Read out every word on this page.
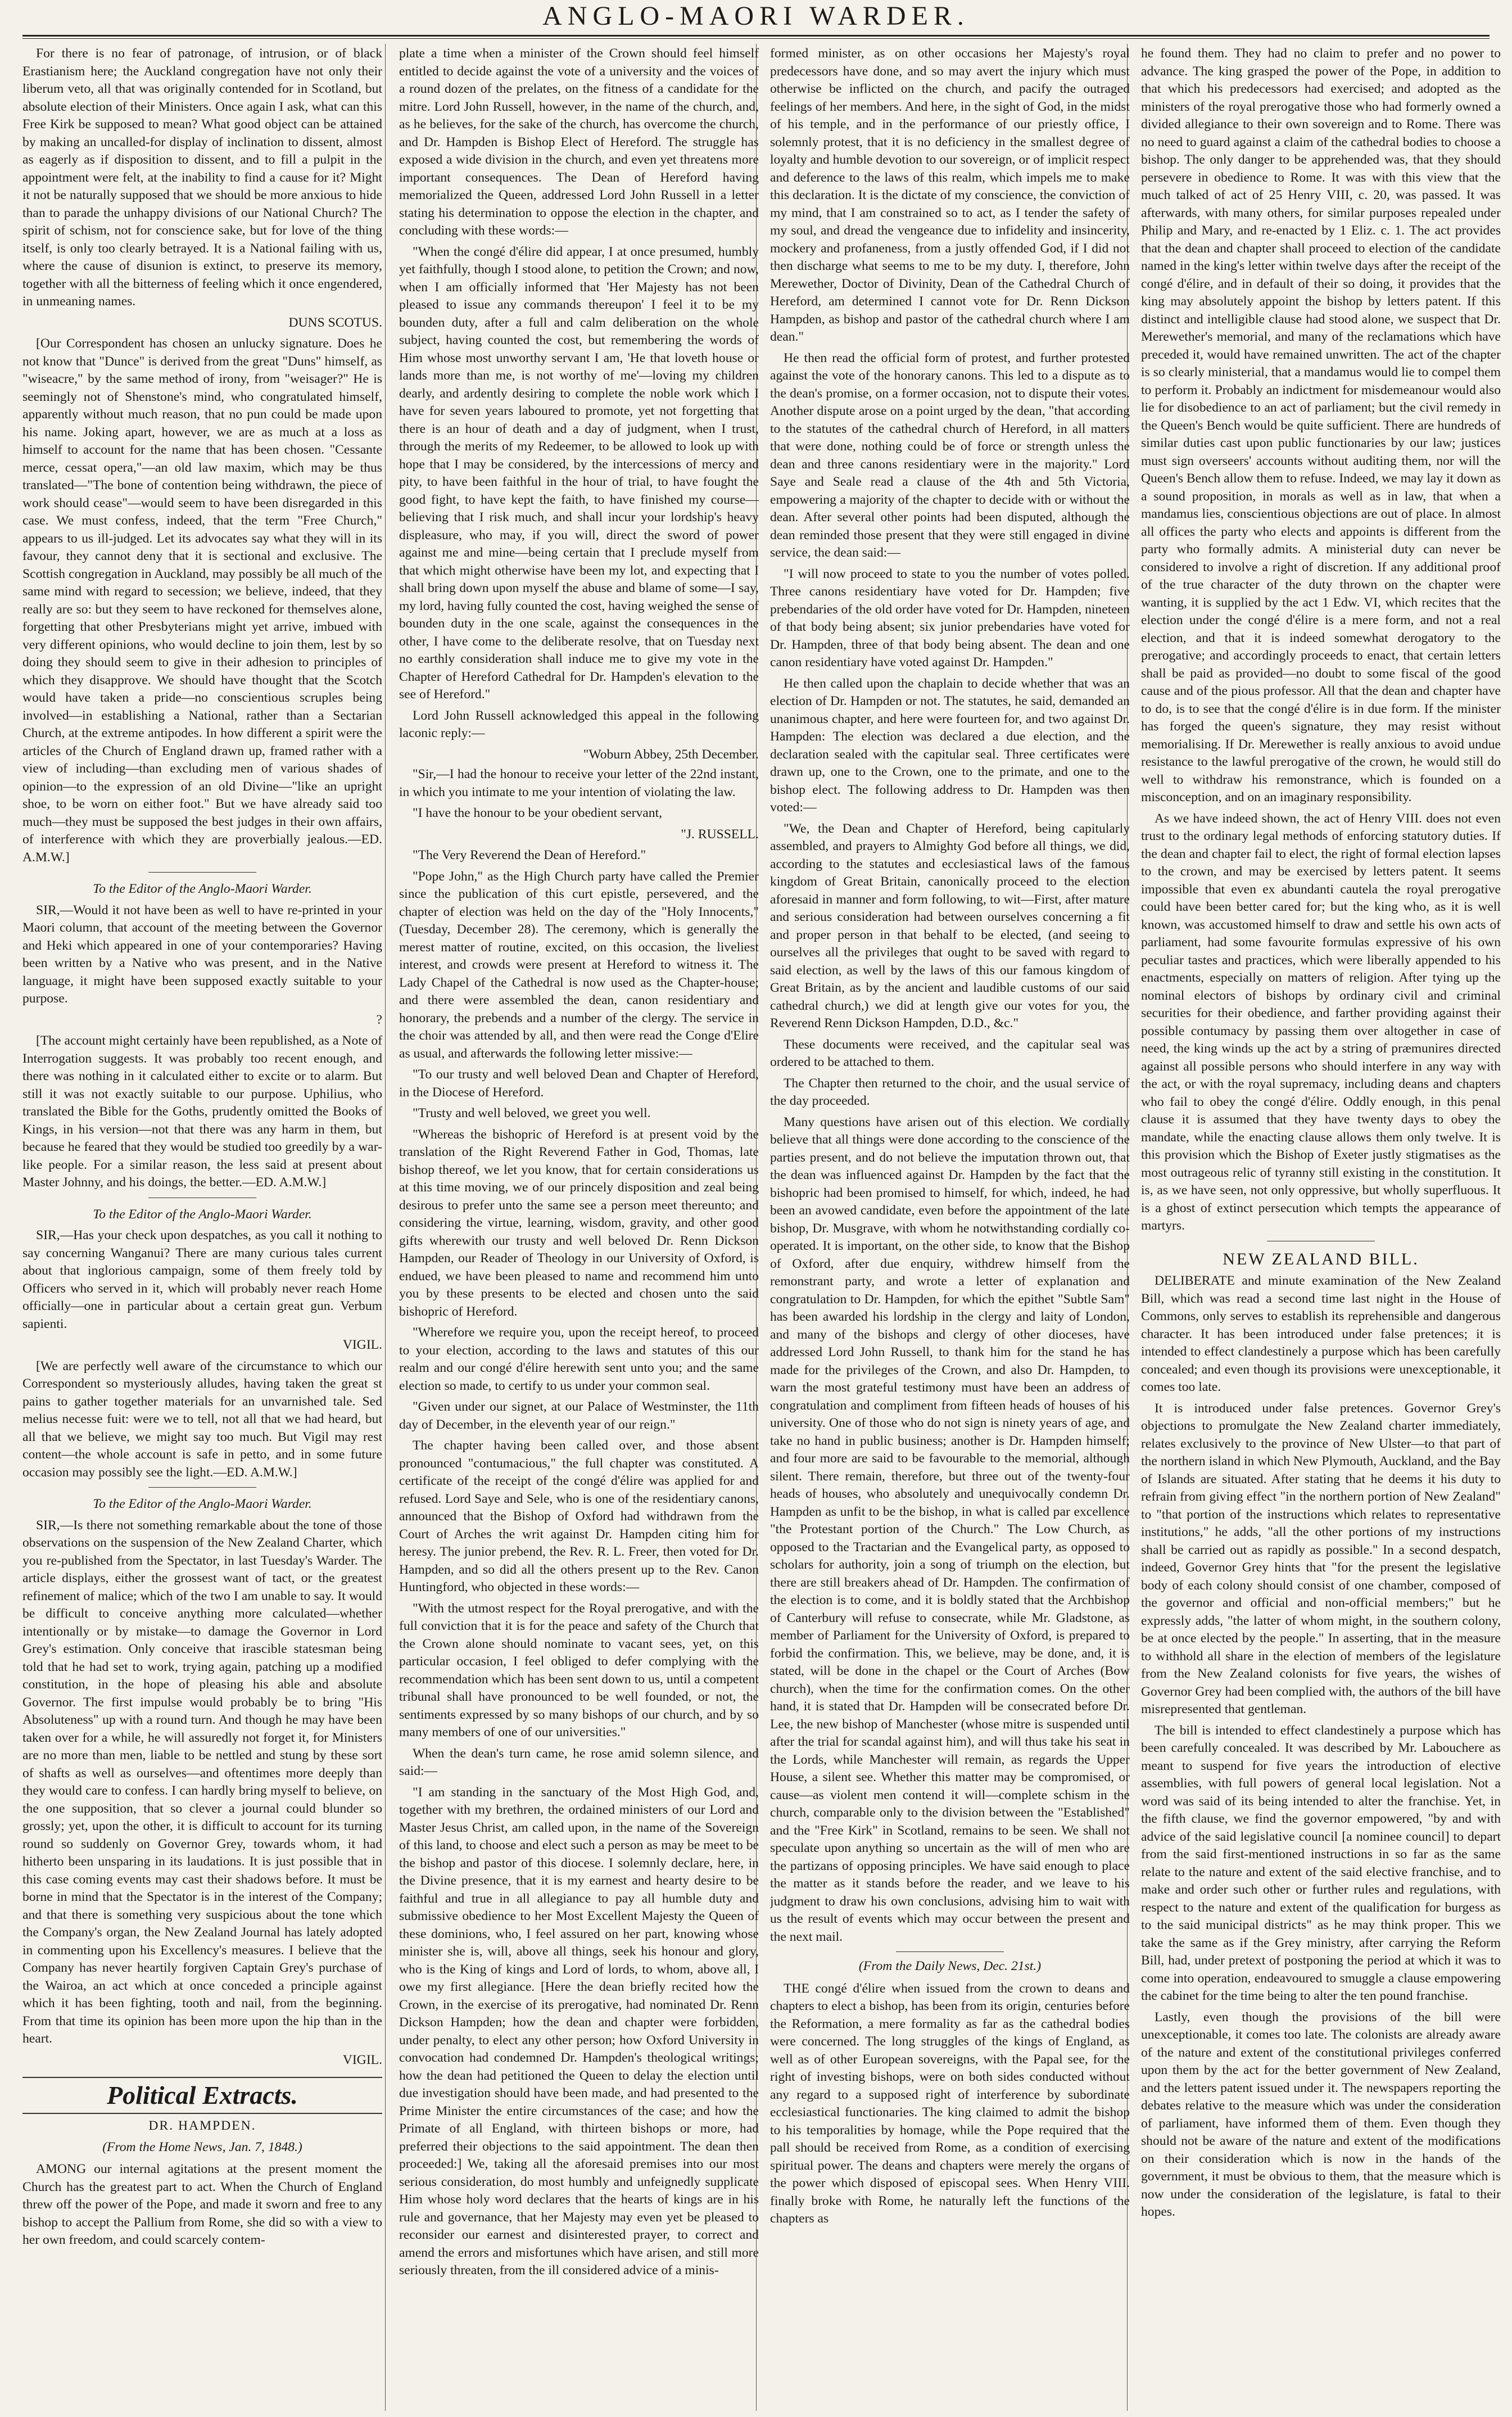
ANGLO-MAORI WARDER.

For there is no fear of patronage, of intrusion, or of black Erastianism here; the Auckland congregation have not only their liberum veto, all that was originally contended for in Scotland, but absolute election of their Ministers. Once again I ask, what can this Free Kirk be supposed to mean? What good object can be attained by making an uncalled-for display of inclination to dissent, almost as eagerly as if disposition to dissent, and to fill a pulpit in the appointment were felt, at the inability to find a cause for it? Might it not be naturally supposed that we should be more anxious to hide than to parade the unhappy divisions of our National Church? The spirit of schism, not for conscience sake, but for love of the thing itself, is only too clearly betrayed. It is a National failing with us, where the cause of disunion is extinct, to preserve its memory, together with all the bitterness of feeling which it once engendered, in unmeaning names.

DUNS SCOTUS.

[Our Correspondent has chosen an unlucky signature. Does he not know that "Dunce" is derived from the great "Duns" himself, as "wiseacre," by the same method of irony, from "weisager?" He is seemingly not of Shenstone's mind, who congratulated himself, apparently without much reason, that no pun could be made upon his name. Joking apart, however, we are as much at a loss as himself to account for the name that has been chosen. "Cessante merce, cessat opera,"—an old law maxim, which may be thus translated—"The bone of contention being withdrawn, the piece of work should cease"—would seem to have been disregarded in this case. We must confess, indeed, that the term "Free Church," appears to us ill-judged. Let its advocates say what they will in its favour, they cannot deny that it is sectional and exclusive. The Scottish congregation in Auckland, may possibly be all much of the same mind with regard to secession; we believe, indeed, that they really are so: but they seem to have reckoned for themselves alone, forgetting that other Presbyterians might yet arrive, imbued with very different opinions, who would decline to join them, lest by so doing they should seem to give in their adhesion to principles of which they disapprove. We should have thought that the Scotch would have taken a pride—no conscientious scruples being involved—in establishing a National, rather than a Sectarian Church, at the extreme antipodes. In how different a spirit were the articles of the Church of England drawn up, framed rather with a view of including—than excluding men of various shades of opinion—to the expression of an old Divine—"like an upright shoe, to be worn on either foot." But we have already said too much—they must be supposed the best judges in their own affairs, of interference with which they are proverbially jealous.—ED. A.M.W.]

To the Editor of the Anglo-Maori Warder.

SIR,—Would it not have been as well to have re-printed in your Maori column, that account of the meeting between the Governor and Heki which appeared in one of your contemporaries? Having been written by a Native who was present, and in the Native language, it might have been supposed exactly suitable to your purpose.

?

[The account might certainly have been republished, as a Note of Interrogation suggests. It was probably too recent enough, and there was nothing in it calculated either to excite or to alarm. But still it was not exactly suitable to our purpose. Uphilius, who translated the Bible for the Goths, prudently omitted the Books of Kings, in his version—not that there was any harm in them, but because he feared that they would be studied too greedily by a war-like people. For a similar reason, the less said at present about Master Johnny, and his doings, the better.—ED. A.M.W.]

To the Editor of the Anglo-Maori Warder.

SIR,—Has your check upon despatches, as you call it nothing to say concerning Wanganui? There are many curious tales current about that inglorious campaign, some of them freely told by Officers who served in it, which will probably never reach Home officially—one in particular about a certain great gun. Verbum sapienti.

VIGIL.

[We are perfectly well aware of the circumstance to which our Correspondent so mysteriously alludes, having taken the great st pains to gather together materials for an unvarnished tale. Sed melius necesse fuit: were we to tell, not all that we had heard, but all that we believe, we might say too much. But Vigil may rest content—the whole account is safe in petto, and in some future occasion may possibly see the light.—ED. A.M.W.]

To the Editor of the Anglo-Maori Warder.

SIR,—Is there not something remarkable about the tone of those observations on the suspension of the New Zealand Charter, which you re-published from the Spectator, in last Tuesday's Warder. The article displays, either the grossest want of tact, or the greatest refinement of malice; which of the two I am unable to say. It would be difficult to conceive anything more calculated—whether intentionally or by mistake—to damage the Governor in Lord Grey's estimation. Only conceive that irascible statesman being told that he had set to work, trying again, patching up a modified constitution, in the hope of pleasing his able and absolute Governor. The first impulse would probably be to bring "His Absoluteness" up with a round turn. And though he may have been taken over for a while, he will assuredly not forget it, for Ministers are no more than men, liable to be nettled and stung by these sort of shafts as well as ourselves—and oftentimes more deeply than they would care to confess. I can hardly bring myself to believe, on the one supposition, that so clever a journal could blunder so grossly; yet, upon the other, it is difficult to account for its turning round so suddenly on Governor Grey, towards whom, it had hitherto been unsparing in its laudations. It is just possible that in this case coming events may cast their shadows before. It must be borne in mind that the Spectator is in the interest of the Company; and that there is something very suspicious about the tone which the Company's organ, the New Zealand Journal has lately adopted in commenting upon his Excellency's measures. I believe that the Company has never heartily forgiven Captain Grey's purchase of the Wairoa, an act which at once conceded a principle against which it has been fighting, tooth and nail, from the beginning. From that time its opinion has been more upon the hip than in the heart.

VIGIL.
Political Extracts.
DR. HAMPDEN.
(From the Home News, Jan. 7, 1848.)

AMONG our internal agitations at the present moment the Church has the greatest part to act. When the Church of England threw off the power of the Pope, and made it sworn and free to any bishop to accept the Pallium from Rome, she did so with a view to her own freedom, and could scarcely contem-

plate a time when a minister of the Crown should feel himself entitled to decide against the vote of a university and the voices of a round dozen of the prelates, on the fitness of a candidate for the mitre. Lord John Russell, however, in the name of the church, and, as he believes, for the sake of the church, has overcome the church, and Dr. Hampden is Bishop Elect of Hereford. The struggle has exposed a wide division in the church, and even yet threatens more important consequences. The Dean of Hereford having memorialized the Queen, addressed Lord John Russell in a letter stating his determination to oppose the election in the chapter, and concluding with these words:—

"When the congé d'élire did appear, I at once presumed, humbly yet faithfully, though I stood alone, to petition the Crown; and now, when I am officially informed that 'Her Majesty has not been pleased to issue any commands thereupon' I feel it to be my bounden duty, after a full and calm deliberation on the whole subject, having counted the cost, but remembering the words of Him whose most unworthy servant I am, 'He that loveth house or lands more than me, is not worthy of me'—loving my children dearly, and ardently desiring to complete the noble work which I have for seven years laboured to promote, yet not forgetting that there is an hour of death and a day of judgment, when I trust, through the merits of my Redeemer, to be allowed to look up with hope that I may be considered, by the intercessions of mercy and pity, to have been faithful in the hour of trial, to have fought the good fight, to have kept the faith, to have finished my course—believing that I risk much, and shall incur your lordship's heavy displeasure, who may, if you will, direct the sword of power against me and mine—being certain that I preclude myself from that which might otherwise have been my lot, and expecting that I shall bring down upon myself the abuse and blame of some—I say, my lord, having fully counted the cost, having weighed the sense of bounden duty in the one scale, against the consequences in the other, I have come to the deliberate resolve, that on Tuesday next no earthly consideration shall induce me to give my vote in the Chapter of Hereford Cathedral for Dr. Hampden's elevation to the see of Hereford."

Lord John Russell acknowledged this appeal in the following laconic reply:—

"Woburn Abbey, 25th December.

"Sir,—I had the honour to receive your letter of the 22nd instant, in which you intimate to me your intention of violating the law.

"I have the honour to be your obedient servant,

"J. RUSSELL.

"The Very Reverend the Dean of Hereford."

"Pope John," as the High Church party have called the Premier since the publication of this curt epistle, persevered, and the chapter of election was held on the day of the "Holy Innocents," (Tuesday, December 28). The ceremony, which is generally the merest matter of routine, excited, on this occasion, the liveliest interest, and crowds were present at Hereford to witness it. The Lady Chapel of the Cathedral is now used as the Chapter-house; and there were assembled the dean, canon residentiary and honorary, the prebends and a number of the clergy. The service in the choir was attended by all, and then were read the Conge d'Elire as usual, and afterwards the following letter missive:—

"To our trusty and well beloved Dean and Chapter of Hereford, in the Diocese of Hereford.

"Trusty and well beloved, we greet you well.

"Whereas the bishopric of Hereford is at present void by the translation of the Right Reverend Father in God, Thomas, late bishop thereof, we let you know, that for certain considerations us at this time moving, we of our princely disposition and zeal being desirous to prefer unto the same see a person meet thereunto; and considering the virtue, learning, wisdom, gravity, and other good gifts wherewith our trusty and well beloved Dr. Renn Dickson Hampden, our Reader of Theology in our University of Oxford, is endued, we have been pleased to name and recommend him unto you by these presents to be elected and chosen unto the said bishopric of Hereford.

"Wherefore we require you, upon the receipt hereof, to proceed to your election, according to the laws and statutes of this our realm and our congé d'élire herewith sent unto you; and the same election so made, to certify to us under your common seal.

"Given under our signet, at our Palace of Westminster, the 11th day of December, in the eleventh year of our reign."

The chapter having been called over, and those absent pronounced "contumacious," the full chapter was constituted. A certificate of the receipt of the congé d'élire was applied for and refused. Lord Saye and Sele, who is one of the residentiary canons, announced that the Bishop of Oxford had withdrawn from the Court of Arches the writ against Dr. Hampden citing him for heresy. The junior prebend, the Rev. R. L. Freer, then voted for Dr. Hampden, and so did all the others present up to the Rev. Canon Huntingford, who objected in these words:—

"With the utmost respect for the Royal prerogative, and with the full conviction that it is for the peace and safety of the Church that the Crown alone should nominate to vacant sees, yet, on this particular occasion, I feel obliged to defer complying with the recommendation which has been sent down to us, until a competent tribunal shall have pronounced to be well founded, or not, the sentiments expressed by so many bishops of our church, and by so many members of one of our universities."

When the dean's turn came, he rose amid solemn silence, and said:—

"I am standing in the sanctuary of the Most High God, and, together with my brethren, the ordained ministers of our Lord and Master Jesus Christ, am called upon, in the name of the Sovereign of this land, to choose and elect such a person as may be meet to be the bishop and pastor of this diocese. I solemnly declare, here, in the Divine presence, that it is my earnest and hearty desire to be faithful and true in all allegiance to pay all humble duty and submissive obedience to her Most Excellent Majesty the Queen of these dominions, who, I feel assured on her part, knowing whose minister she is, will, above all things, seek his honour and glory, who is the King of kings and Lord of lords, to whom, above all, I owe my first allegiance. [Here the dean briefly recited how the Crown, in the exercise of its prerogative, had nominated Dr. Renn Dickson Hampden; how the dean and chapter were forbidden, under penalty, to elect any other person; how Oxford University in convocation had condemned Dr. Hampden's theological writings; how the dean had petitioned the Queen to delay the election until due investigation should have been made, and had presented to the Prime Minister the entire circumstances of the case; and how the Primate of all England, with thirteen bishops or more, had preferred their objections to the said appointment. The dean then proceeded:] We, taking all the aforesaid premises into our most serious consideration, do most humbly and unfeignedly supplicate Him whose holy word declares that the hearts of kings are in his rule and governance, that her Majesty may even yet be pleased to reconsider our earnest and disinterested prayer, to correct and amend the errors and misfortunes which have arisen, and still more seriously threaten, from the ill considered advice of a minis-

formed minister, as on other occasions her Majesty's royal predecessors have done, and so may avert the injury which must otherwise be inflicted on the church, and pacify the outraged feelings of her members. And here, in the sight of God, in the midst of his temple, and in the performance of our priestly office, I solemnly protest, that it is no deficiency in the smallest degree of loyalty and humble devotion to our sovereign, or of implicit respect and deference to the laws of this realm, which impels me to make this declaration. It is the dictate of my conscience, the conviction of my mind, that I am constrained so to act, as I tender the safety of my soul, and dread the vengeance due to infidelity and insincerity, mockery and profaneness, from a justly offended God, if I did not then discharge what seems to me to be my duty. I, therefore, John Merewether, Doctor of Divinity, Dean of the Cathedral Church of Hereford, am determined I cannot vote for Dr. Renn Dickson Hampden, as bishop and pastor of the cathedral church where I am dean."

He then read the official form of protest, and further protested against the vote of the honorary canons. This led to a dispute as to the dean's promise, on a former occasion, not to dispute their votes. Another dispute arose on a point urged by the dean, "that according to the statutes of the cathedral church of Hereford, in all matters that were done, nothing could be of force or strength unless the dean and three canons residentiary were in the majority." Lord Saye and Seale read a clause of the 4th and 5th Victoria, empowering a majority of the chapter to decide with or without the dean. After several other points had been disputed, although the dean reminded those present that they were still engaged in divine service, the dean said:—

"I will now proceed to state to you the number of votes polled. Three canons residentiary have voted for Dr. Hampden; five prebendaries of the old order have voted for Dr. Hampden, nineteen of that body being absent; six junior prebendaries have voted for Dr. Hampden, three of that body being absent. The dean and one canon residentiary have voted against Dr. Hampden."

He then called upon the chaplain to decide whether that was an election of Dr. Hampden or not. The statutes, he said, demanded an unanimous chapter, and here were fourteen for, and two against Dr. Hampden: The election was declared a due election, and the declaration sealed with the capitular seal. Three certificates were drawn up, one to the Crown, one to the primate, and one to the bishop elect. The following address to Dr. Hampden was then voted:—

"We, the Dean and Chapter of Hereford, being capitularly assembled, and prayers to Almighty God before all things, we did, according to the statutes and ecclesiastical laws of the famous kingdom of Great Britain, canonically proceed to the election aforesaid in manner and form following, to wit—First, after mature and serious consideration had between ourselves concerning a fit and proper person in that behalf to be elected, (and seeing to ourselves all the privileges that ought to be saved with regard to said election, as well by the laws of this our famous kingdom of Great Britain, as by the ancient and laudible customs of our said cathedral church,) we did at length give our votes for you, the Reverend Renn Dickson Hampden, D.D., &c."

These documents were received, and the capitular seal was ordered to be attached to them.

The Chapter then returned to the choir, and the usual service of the day proceeded.

Many questions have arisen out of this election. We cordially believe that all things were done according to the conscience of the parties present, and do not believe the imputation thrown out, that the dean was influenced against Dr. Hampden by the fact that the bishopric had been promised to himself, for which, indeed, he had been an avowed candidate, even before the appointment of the late bishop, Dr. Musgrave, with whom he notwithstanding cordially co-operated. It is important, on the other side, to know that the Bishop of Oxford, after due enquiry, withdrew himself from the remonstrant party, and wrote a letter of explanation and congratulation to Dr. Hampden, for which the epithet "Subtle Sam" has been awarded his lordship in the clergy and laity of London, and many of the bishops and clergy of other dioceses, have addressed Lord John Russell, to thank him for the stand he has made for the privileges of the Crown, and also Dr. Hampden, to warn the most grateful testimony must have been an address of congratulation and compliment from fifteen heads of houses of his university. One of those who do not sign is ninety years of age, and take no hand in public business; another is Dr. Hampden himself; and four more are said to be favourable to the memorial, although silent. There remain, therefore, but three out of the twenty-four heads of houses, who absolutely and unequivocally condemn Dr. Hampden as unfit to be the bishop, in what is called par excellence "the Protestant portion of the Church." The Low Church, as opposed to the Tractarian and the Evangelical party, as opposed to scholars for authority, join a song of triumph on the election, but there are still breakers ahead of Dr. Hampden. The confirmation of the election is to come, and it is boldly stated that the Archbishop of Canterbury will refuse to consecrate, while Mr. Gladstone, as member of Parliament for the University of Oxford, is prepared to forbid the confirmation. This, we believe, may be done, and, it is stated, will be done in the chapel or the Court of Arches (Bow church), when the time for the confirmation comes. On the other hand, it is stated that Dr. Hampden will be consecrated before Dr. Lee, the new bishop of Manchester (whose mitre is suspended until after the trial for scandal against him), and will thus take his seat in the Lords, while Manchester will remain, as regards the Upper House, a silent see. Whether this matter may be compromised, or cause—as violent men contend it will—complete schism in the church, comparable only to the division between the "Established" and the "Free Kirk" in Scotland, remains to be seen. We shall not speculate upon anything so uncertain as the will of men who are the partizans of opposing principles. We have said enough to place the matter as it stands before the reader, and we leave to his judgment to draw his own conclusions, advising him to wait with us the result of events which may occur between the present and the next mail.

(From the Daily News, Dec. 21st.)

THE congé d'élire when issued from the crown to deans and chapters to elect a bishop, has been from its origin, centuries before the Reformation, a mere formality as far as the cathedral bodies were concerned. The long struggles of the kings of England, as well as of other European sovereigns, with the Papal see, for the right of investing bishops, were on both sides conducted without any regard to a supposed right of interference by subordinate ecclesiastical functionaries. The king claimed to admit the bishop to his temporalities by homage, while the Pope required that the pall should be received from Rome, as a condition of exercising spiritual power. The deans and chapters were merely the organs of the power which disposed of episcopal sees. When Henry VIII. finally broke with Rome, he naturally left the functions of the chapters as

he found them. They had no claim to prefer and no power to advance. The king grasped the power of the Pope, in addition to that which his predecessors had exercised; and adopted as the ministers of the royal prerogative those who had formerly owned a divided allegiance to their own sovereign and to Rome. There was no need to guard against a claim of the cathedral bodies to choose a bishop. The only danger to be apprehended was, that they should persevere in obedience to Rome. It was with this view that the much talked of act of 25 Henry VIII, c. 20, was passed. It was afterwards, with many others, for similar purposes repealed under Philip and Mary, and re-enacted by 1 Eliz. c. 1. The act provides that the dean and chapter shall proceed to election of the candidate named in the king's letter within twelve days after the receipt of the congé d'élire, and in default of their so doing, it provides that the king may absolutely appoint the bishop by letters patent. If this distinct and intelligible clause had stood alone, we suspect that Dr. Merewether's memorial, and many of the reclamations which have preceded it, would have remained unwritten. The act of the chapter is so clearly ministerial, that a mandamus would lie to compel them to perform it. Probably an indictment for misdemeanour would also lie for disobedience to an act of parliament; but the civil remedy in the Queen's Bench would be quite sufficient. There are hundreds of similar duties cast upon public functionaries by our law; justices must sign overseers' accounts without auditing them, nor will the Queen's Bench allow them to refuse. Indeed, we may lay it down as a sound proposition, in morals as well as in law, that when a mandamus lies, conscientious objections are out of place. In almost all offices the party who elects and appoints is different from the party who formally admits. A ministerial duty can never be considered to involve a right of discretion. If any additional proof of the true character of the duty thrown on the chapter were wanting, it is supplied by the act 1 Edw. VI, which recites that the election under the congé d'élire is a mere form, and not a real election, and that it is indeed somewhat derogatory to the prerogative; and accordingly proceeds to enact, that certain letters shall be paid as provided—no doubt to some fiscal of the good cause and of the pious professor. All that the dean and chapter have to do, is to see that the congé d'élire is in due form. If the minister has forged the queen's signature, they may resist without memorialising. If Dr. Merewether is really anxious to avoid undue resistance to the lawful prerogative of the crown, he would still do well to withdraw his remonstrance, which is founded on a misconception, and on an imaginary responsibility.

As we have indeed shown, the act of Henry VIII. does not even trust to the ordinary legal methods of enforcing statutory duties. If the dean and chapter fail to elect, the right of formal election lapses to the crown, and may be exercised by letters patent. It seems impossible that even ex abundanti cautela the royal prerogative could have been better cared for; but the king who, as it is well known, was accustomed himself to draw and settle his own acts of parliament, had some favourite formulas expressive of his own peculiar tastes and practices, which were liberally appended to his enactments, especially on matters of religion. After tying up the nominal electors of bishops by ordinary civil and criminal securities for their obedience, and farther providing against their possible contumacy by passing them over altogether in case of need, the king winds up the act by a string of præmunires directed against all possible persons who should interfere in any way with the act, or with the royal supremacy, including deans and chapters who fail to obey the congé d'élire. Oddly enough, in this penal clause it is assumed that they have twenty days to obey the mandate, while the enacting clause allows them only twelve. It is this provision which the Bishop of Exeter justly stigmatises as the most outrageous relic of tyranny still existing in the constitution. It is, as we have seen, not only oppressive, but wholly superfluous. It is a ghost of extinct persecution which tempts the appearance of martyrs.

NEW ZEALAND BILL.

DELIBERATE and minute examination of the New Zealand Bill, which was read a second time last night in the House of Commons, only serves to establish its reprehensible and dangerous character. It has been introduced under false pretences; it is intended to effect clandestinely a purpose which has been carefully concealed; and even though its provisions were unexceptionable, it comes too late.

It is introduced under false pretences. Governor Grey's objections to promulgate the New Zealand charter immediately, relates exclusively to the province of New Ulster—to that part of the northern island in which New Plymouth, Auckland, and the Bay of Islands are situated. After stating that he deems it his duty to refrain from giving effect "in the northern portion of New Zealand" to "that portion of the instructions which relates to representative institutions," he adds, "all the other portions of my instructions shall be carried out as rapidly as possible." In a second despatch, indeed, Governor Grey hints that "for the present the legislative body of each colony should consist of one chamber, composed of the governor and official and non-official members;" but he expressly adds, "the latter of whom might, in the southern colony, be at once elected by the people." In asserting, that in the measure to withhold all share in the election of members of the legislature from the New Zealand colonists for five years, the wishes of Governor Grey had been complied with, the authors of the bill have misrepresented that gentleman.

The bill is intended to effect clandestinely a purpose which has been carefully concealed. It was described by Mr. Labouchere as meant to suspend for five years the introduction of elective assemblies, with full powers of general local legislation. Not a word was said of its being intended to alter the franchise. Yet, in the fifth clause, we find the governor empowered, "by and with advice of the said legislative council [a nominee council] to depart from the said first-mentioned instructions in so far as the same relate to the nature and extent of the said elective franchise, and to make and order such other or further rules and regulations, with respect to the nature and extent of the qualification for burgess as to the said municipal districts" as he may think proper. This we take the same as if the Grey ministry, after carrying the Reform Bill, had, under pretext of postponing the period at which it was to come into operation, endeavoured to smuggle a clause empowering the cabinet for the time being to alter the ten pound franchise.

Lastly, even though the provisions of the bill were unexceptionable, it comes too late. The colonists are already aware of the nature and extent of the constitutional privileges conferred upon them by the act for the better government of New Zealand, and the letters patent issued under it. The newspapers reporting the debates relative to the measure which was under the consideration of parliament, have informed them of them. Even though they should not be aware of the nature and extent of the modifications on their consideration which is now in the hands of the government, it must be obvious to them, that the measure which is now under the consideration of the legislature, is fatal to their hopes.
